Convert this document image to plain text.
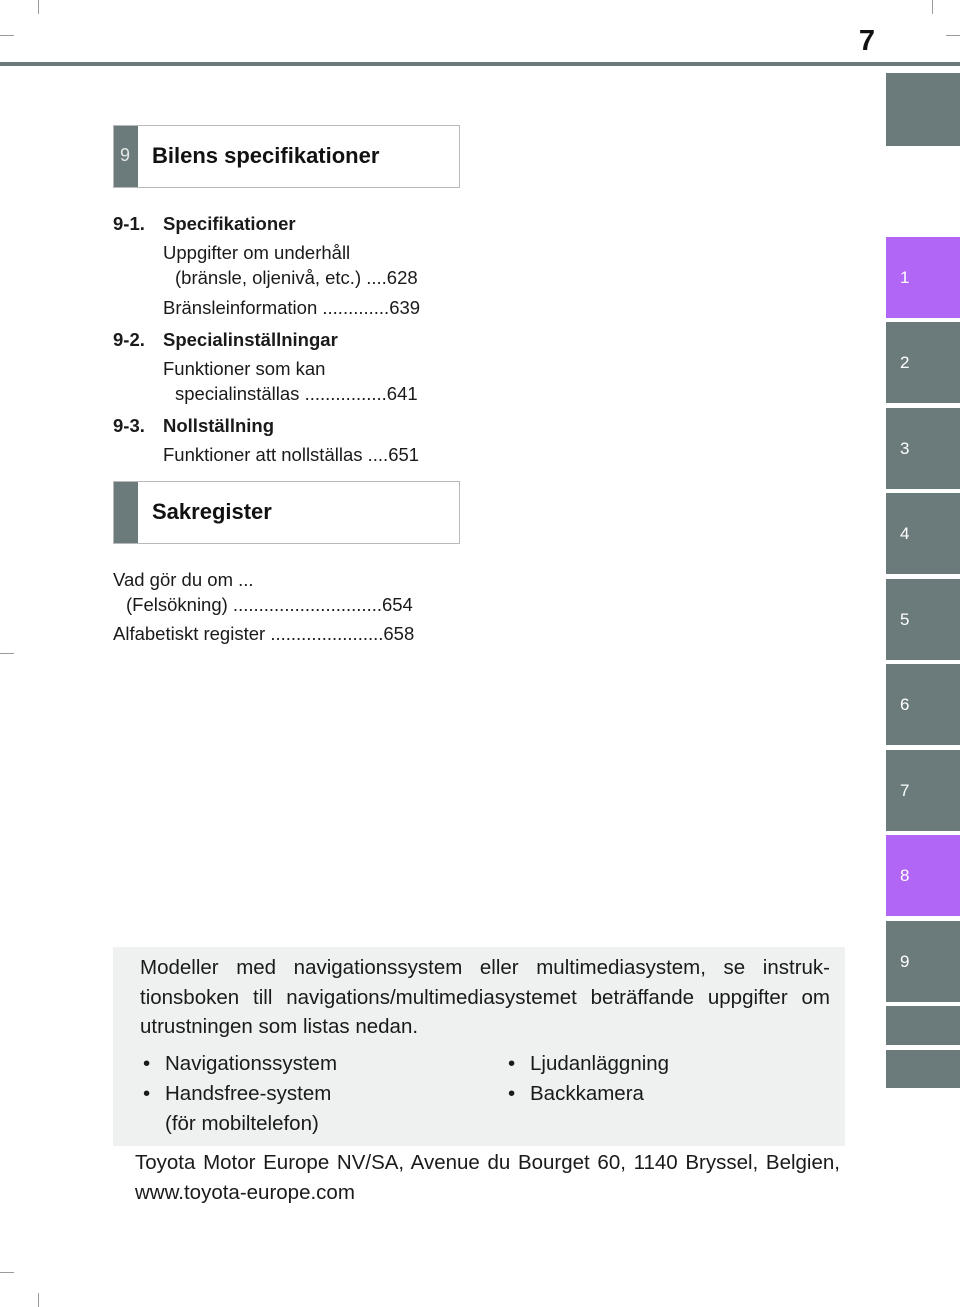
7
1
2
3
4
5
6
7
8
9
9 Bilens specifikationer
9-1. Specifikationer
Uppgifter om underhåll
(bränsle, oljenivå, etc.) ....628
Bränsleinformation .............639
9-2. Specialinställningar
Funktioner som kan
specialinställas ................641
9-3. Nollställning
Funktioner att nollställas ....651
Sakregister
Vad gör du om ...
(Felsökning) .............................654
Alfabetiskt register ......................658

Modeller med navigationssystem eller multimediasystem, se instruk-tionsboken till navigations/multimediasystemet beträffande uppgifter om utrustningen som listas nedan.

• Navigationssystem
• Handsfree-system
(för mobiltelefon)
• Ljudanläggning
• Backkamera
Toyota Motor Europe NV/SA, Avenue du Bourget 60, 1140 Bryssel, Belgien, www.toyota-europe.com
